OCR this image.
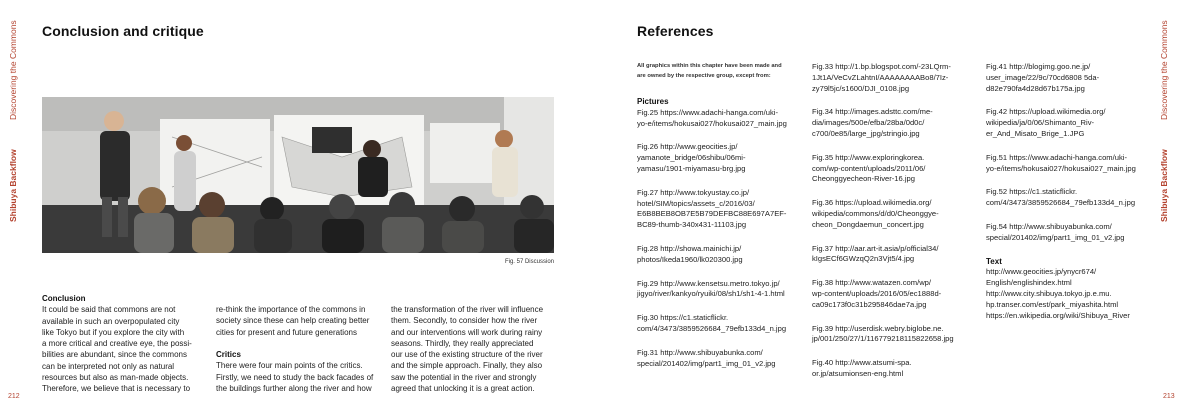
Discovering the Commons
Shibuya Backflow
Conclusion and critique
Fig. 57 Discussion
Conclusion

It could be said that commons are not

available in such an overpopulated city

like Tokyo but if you explore the city with

a more critical and creative eye, the possi-

bilities are abundant, since the commons

can be interpreted not only as natural

resources but also as man-made objects.

Therefore, we believe that is necessary to

re-think the importance of the commons in

society since these can help creating better

cities for present and future generations

Critics

There were four main points of the critics.

Firstly, we need to study the back facades of

the buildings further along the river and how

the transformation of the river will influence

them. Secondly, to consider how the river

and our interventions will work during rainy

seasons. Thirdly, they really appreciated

our use of the existing structure of the river

and the simple approach. Finally, they also

saw the potential in the river and strongly

agreed that unlocking it is a great action.

212
References

All graphics within this chapter have been made and

are owned by the respective group, except from:

Pictures

Fig.25 https://www.adachi-hanga.com/uki-

yo-e/items/hokusai027/hokusai027_main.jpg

Fig.26 http://www.geocities.jp/

yamanote_bridge/06shibu/06mi-

yamasu/1901-miyamasu-brg.jpg

Fig.27 http://www.tokyustay.co.jp/

hotel/SIM/topics/assets_c/2016/03/

E6B8BEB8OB7E5B79DEFBC88E697A7EF-

BC89-thumb-340x431-11103.jpg

Fig.28 http://showa.mainichi.jp/

photos/Ikeda1960/lk020300.jpg

Fig.29 http://www.kensetsu.metro.tokyo.jp/

jigyo/river/kankyo/ryuiki/08/sh1/sh1-4-1.html

Fig.30 https://c1.staticflickr.

com/4/3473/3859526684_79efb133d4_n.jpg

Fig.31 http://www.shibuyabunka.com/

special/201402/img/part1_img_01_v2.jpg

Fig.33 http://1.bp.blogspot.com/-23LQrm-

1Jt1A/VeCvZLahtnI/AAAAAAAABo8/7Iz-

zy79l5jc/s1600/DJI_0108.jpg

Fig.34 http://images.adsttc.com/me-

dia/images/500e/efba/28ba/0d0c/

c700/0e85/large_jpg/stringio.jpg

Fig.35 http://www.exploringkorea.

com/wp-content/uploads/2011/06/

Cheonggyecheon-River-16.jpg

Fig.36 https://upload.wikimedia.org/

wikipedia/commons/d/d0/Cheonggye-

cheon_Dongdaemun_concert.jpg

Fig.37 http://aar.art-it.asia/p/official34/

kIgsECf6GWzqQ2n3Vjt5/4.jpg

Fig.38 http://www.watazen.com/wp/

wp-content/uploads/2016/05/ec1888d-

ca09c173f0c31b295846dae7a.jpg

Fig.39 http://userdisk.webry.biglobe.ne.

jp/001/250/27/1/116779218115822658.jpg

Fig.40 http://www.atsumi-spa.

or.jp/atsumionsen-eng.html

Fig.41 http://blogimg.goo.ne.jp/

user_image/22/9c/70cd6808 5da-

d82e790fa4d28d67b175a.jpg

Fig.42 https://upload.wikimedia.org/

wikipedia/ja/0/06/Shimanto_Riv-

er_And_Misato_Brige_1.JPG

Fig.51 https://www.adachi-hanga.com/uki-

yo-e/items/hokusai027/hokusai027_main.jpg

Fig.52 https://c1.staticflickr.

com/4/3473/3859526684_79efb133d4_n.jpg

Fig.54 http://www.shibuyabunka.com/

special/201402/img/part1_img_01_v2.jpg

Text

http://www.geocities.jp/ynycr674/

English/englishindex.html

http://www.city.shibuya.tokyo.jp.e.mu.

hp.transer.com/est/park_miyashita.html

https://en.wikipedia.org/wiki/Shibuya_River

Discovering the Commons
Shibuya Backflow
213
